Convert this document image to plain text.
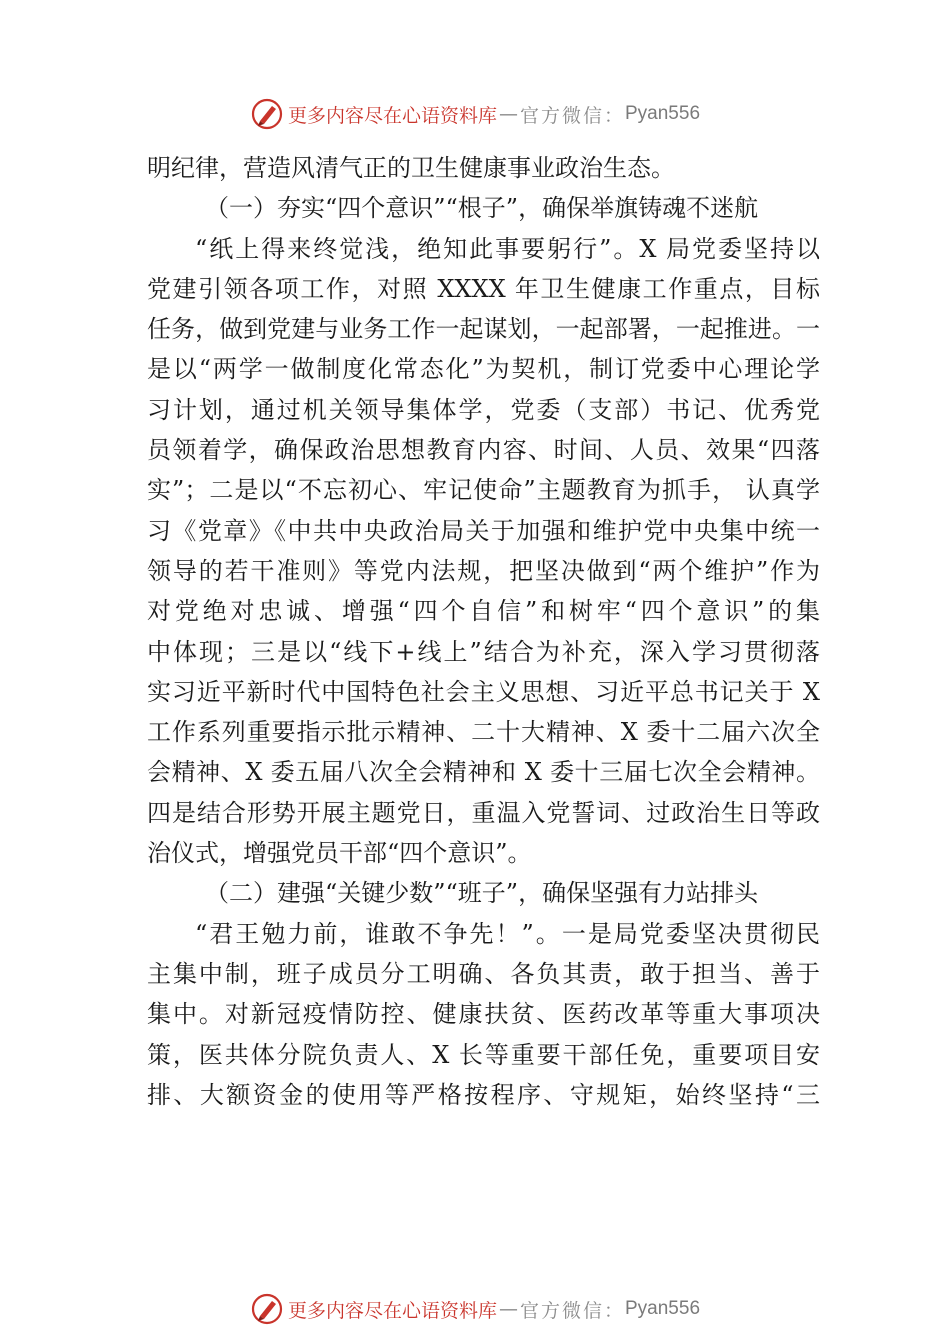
更多内容尽在心语资料库 — 官方微信： Pyan556
明纪律，营造风清气正的卫生健康事业政治生态。
（一）夯实“四个意识”“根子”，确保举旗铸魂不迷航
“纸上得来终觉浅，绝知此事要躬行”。X 局党委坚持以
党建引领各项工作，对照 XXXX 年卫生健康工作重点，目标
任务，做到党建与业务工作一起谋划，一起部署，一起推进。一
是以“两学一做制度化常态化”为契机，制订党委中心理论学
习计划，通过机关领导集体学，党委（支部）书记、优秀党
员领着学，确保政治思想教育内容、时间、人员、效果“四落
实”；二是以“不忘初心、牢记使命”主题教育为抓手， 认真学
习《党章》《中共中央政治局关于加强和维护党中央集中统一
领导的若干准则》等党内法规，把坚决做到“两个维护”作为
对党绝对忠诚、增强“四个自信”和树牢“四个意识”的集
中体现；三是以“线下+线上”结合为补充，深入学习贯彻落
实习近平新时代中国特色社会主义思想、习近平总书记关于 X
工作系列重要指示批示精神、二十大精神、X 委十二届六次全
会精神、X 委五届八次全会精神和 X 委十三届七次全会精神。
四是结合形势开展主题党日，重温入党誓词、过政治生日等政
治仪式，增强党员干部“四个意识”。
（二）建强“关键少数”“班子”，确保坚强有力站排头
“君王勉力前，谁敢不争先！”。一是局党委坚决贯彻民
主集中制，班子成员分工明确、各负其责，敢于担当、善于
集中。对新冠疫情防控、健康扶贫、医药改革等重大事项决
策，医共体分院负责人、X 长等重要干部任免，重要项目安
排、大额资金的使用等严格按程序、守规矩，始终坚持“三
更多内容尽在心语资料库 — 官方微信： Pyan556
